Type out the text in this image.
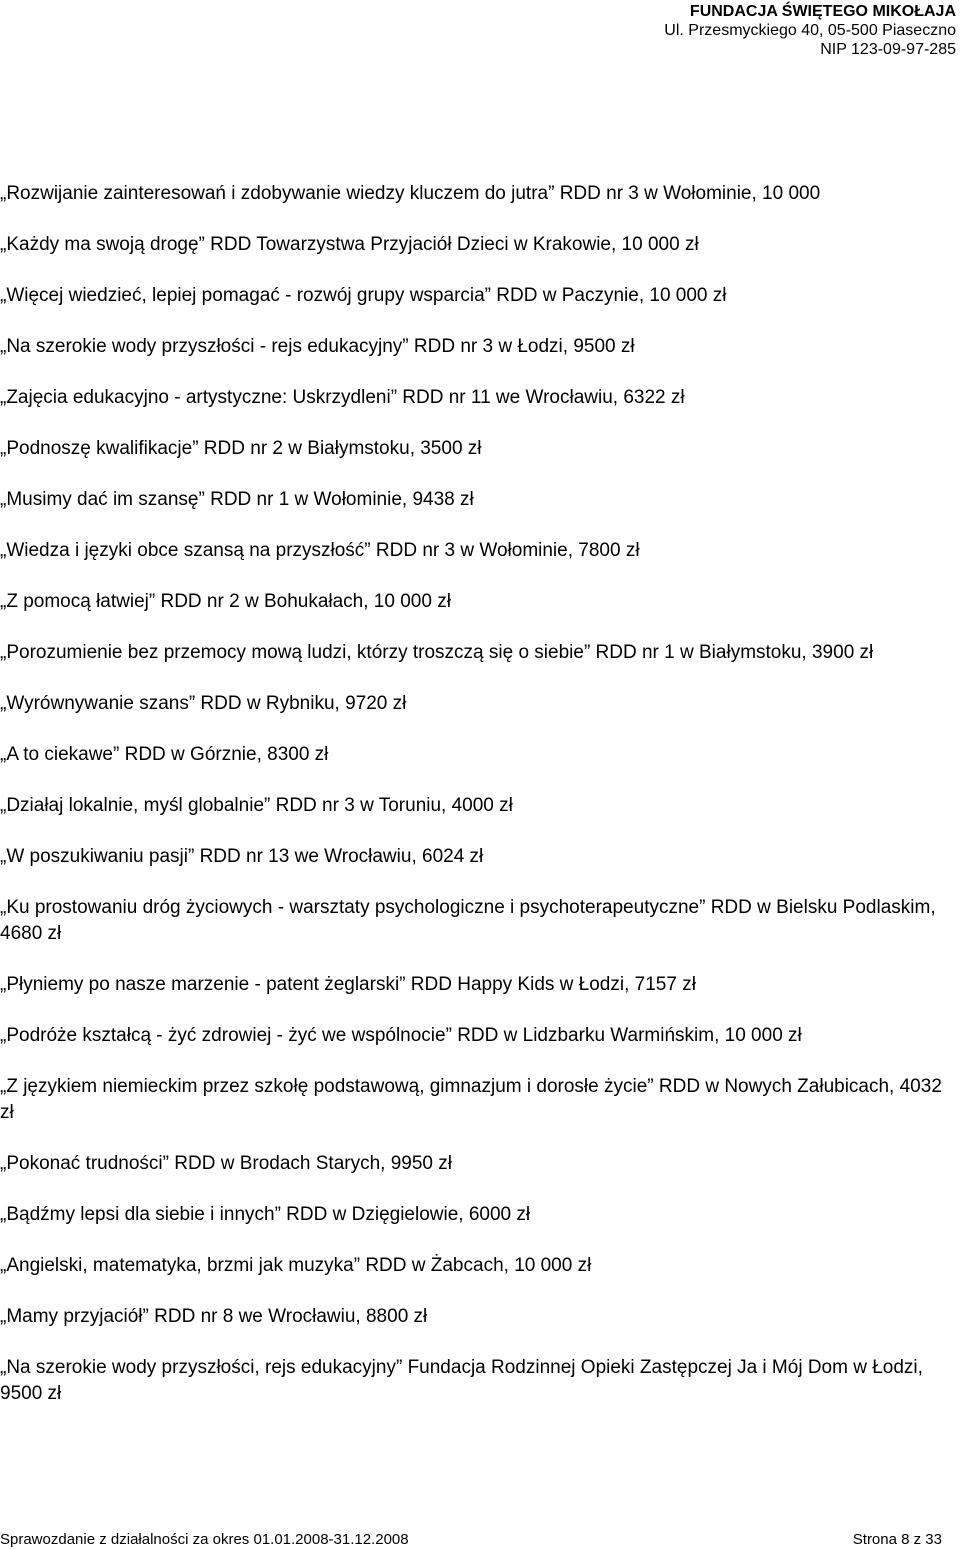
FUNDACJA ŚWIĘTEGO MIKOŁAJA
Ul. Przesmyckiego 40, 05-500 Piaseczno
NIP 123-09-97-285
„Rozwijanie zainteresowań i zdobywanie wiedzy kluczem do jutra” RDD nr 3 w Wołominie, 10 000
„Każdy ma swoją drogę” RDD Towarzystwa Przyjaciół Dzieci w Krakowie, 10 000 zł
„Więcej wiedzieć, lepiej pomagać - rozwój grupy wsparcia” RDD w Paczynie, 10 000 zł
„Na szerokie wody przyszłości - rejs edukacyjny” RDD nr 3 w Łodzi, 9500 zł
„Zajęcia edukacyjno - artystyczne: Uskrzydleni” RDD nr 11 we Wrocławiu, 6322 zł
„Podnoszę kwalifikacje” RDD nr 2 w Białymstoku, 3500 zł
„Musimy dać im szansę” RDD nr 1 w Wołominie, 9438 zł
„Wiedza i języki obce szansą na przyszłość” RDD nr 3 w Wołominie, 7800 zł
„Z pomocą łatwiej” RDD nr 2 w Bohukałach, 10 000 zł
„Porozumienie bez przemocy mową ludzi, którzy troszczą się o siebie” RDD nr 1 w Białymstoku, 3900 zł
„Wyrównywanie szans” RDD w Rybniku, 9720 zł
„A to ciekawe” RDD w Górznie, 8300 zł
„Działaj lokalnie, myśl globalnie” RDD nr 3 w Toruniu, 4000 zł
„W poszukiwaniu pasji” RDD nr 13 we Wrocławiu, 6024 zł
„Ku prostowaniu dróg życiowych - warsztaty psychologiczne i psychoterapeutyczne” RDD w Bielsku Podlaskim, 4680 zł
„Płyniemy po nasze marzenie - patent żeglarski” RDD Happy Kids w Łodzi, 7157 zł
„Podróże kształcą - żyć zdrowiej - żyć we wspólnocie” RDD w Lidzbarku Warmińskim, 10 000 zł
„Z językiem niemieckim przez szkołę podstawową, gimnazjum i dorosłe życie” RDD w Nowych Załubicach, 4032 zł
„Pokonać trudności” RDD w Brodach Starych, 9950 zł
„Bądźmy lepsi dla siebie i innych” RDD w Dzięgielowie, 6000 zł
„Angielski, matematyka, brzmi jak muzyka” RDD w Żabcach, 10 000 zł
„Mamy przyjaciół” RDD nr 8 we Wrocławiu, 8800 zł
„Na szerokie wody przyszłości, rejs edukacyjny” Fundacja Rodzinnej Opieki Zastępczej Ja i Mój Dom w Łodzi, 9500 zł
Sprawozdanie z działalności za okres 01.01.2008-31.12.2008	Strona 8 z 33
